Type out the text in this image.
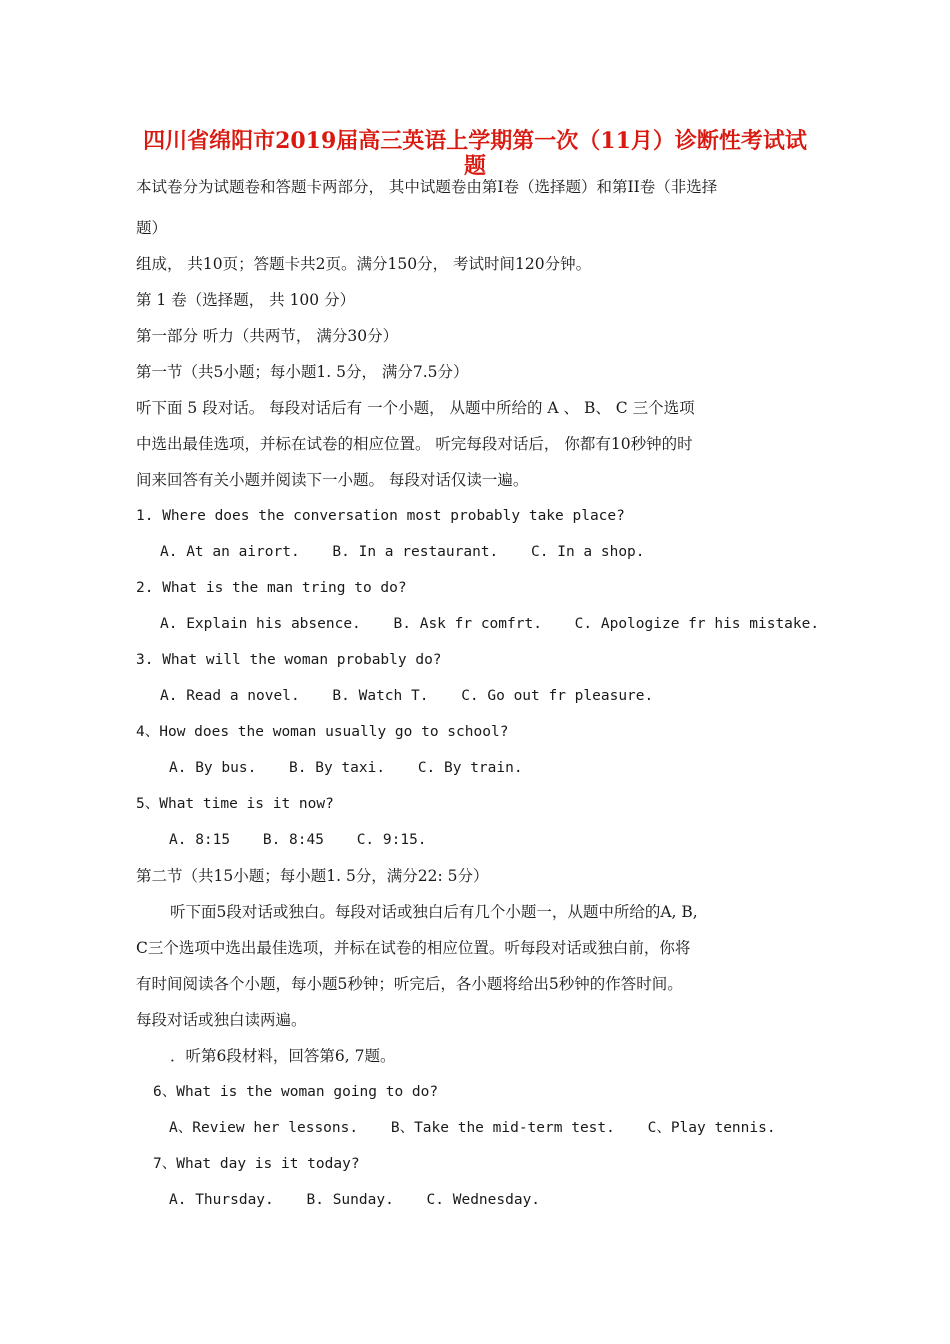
四川省绵阳市2019届高三英语上学期第一次（11月）诊断性考试试
题
本试卷分为试题卷和答题卡两部分， 其中试题卷由第I卷（选择题）和第II卷（非选择
题）
组成， 共10页；答题卡共2页。满分150分， 考试时间120分钟。
第 1 卷（选择题， 共 100 分）
第一部分 听力（共两节， 满分30分）
第一节（共5小题；每小题1. 5分， 满分7.5分）
听下面 5 段对话。 每段对话后有 一个小题， 从题中所给的 A 、 B、 C 三个选项
中选出最佳选项，并标在试卷的相应位置。 听完每段对话后， 你都有10秒钟的时
间来回答有关小题并阅读下一小题。 每段对话仅读一遍。
1. Where does the conversation most probably take place?
A. At an airort. B. In a restaurant. C. In a shop.
2. What is the man tring to do?
A. Explain his absence. B. Ask fr comfrt. C. Apologize fr his mistake.
3. What will the woman probably do?
A. Read a novel. B. Watch T. C. Go out fr pleasure.
4、How does the woman usually go to school?
A. By bus. B. By taxi. C. By train.
5、What time is it now?
A. 8:15 B. 8:45 C. 9:15.
第二节（共15小题；每小题1. 5分，满分22: 5分）
听下面5段对话或独白。每段对话或独白后有几个小题一，从题中所给的A, B,
C三个选项中选出最佳选项，并标在试卷的相应位置。听每段对话或独白前，你将
有时间阅读各个小题，每小题5秒钟；听完后，各小题将给出5秒钟的作答时间。
每段对话或独白读两遍。
．听第6段材料，回答第6, 7题。
6、What is the woman going to do?
A、Review her lessons. B、Take the mid-term test. C、Play tennis.
7、What day is it today?
A. Thursday. B. Sunday. C. Wednesday.
